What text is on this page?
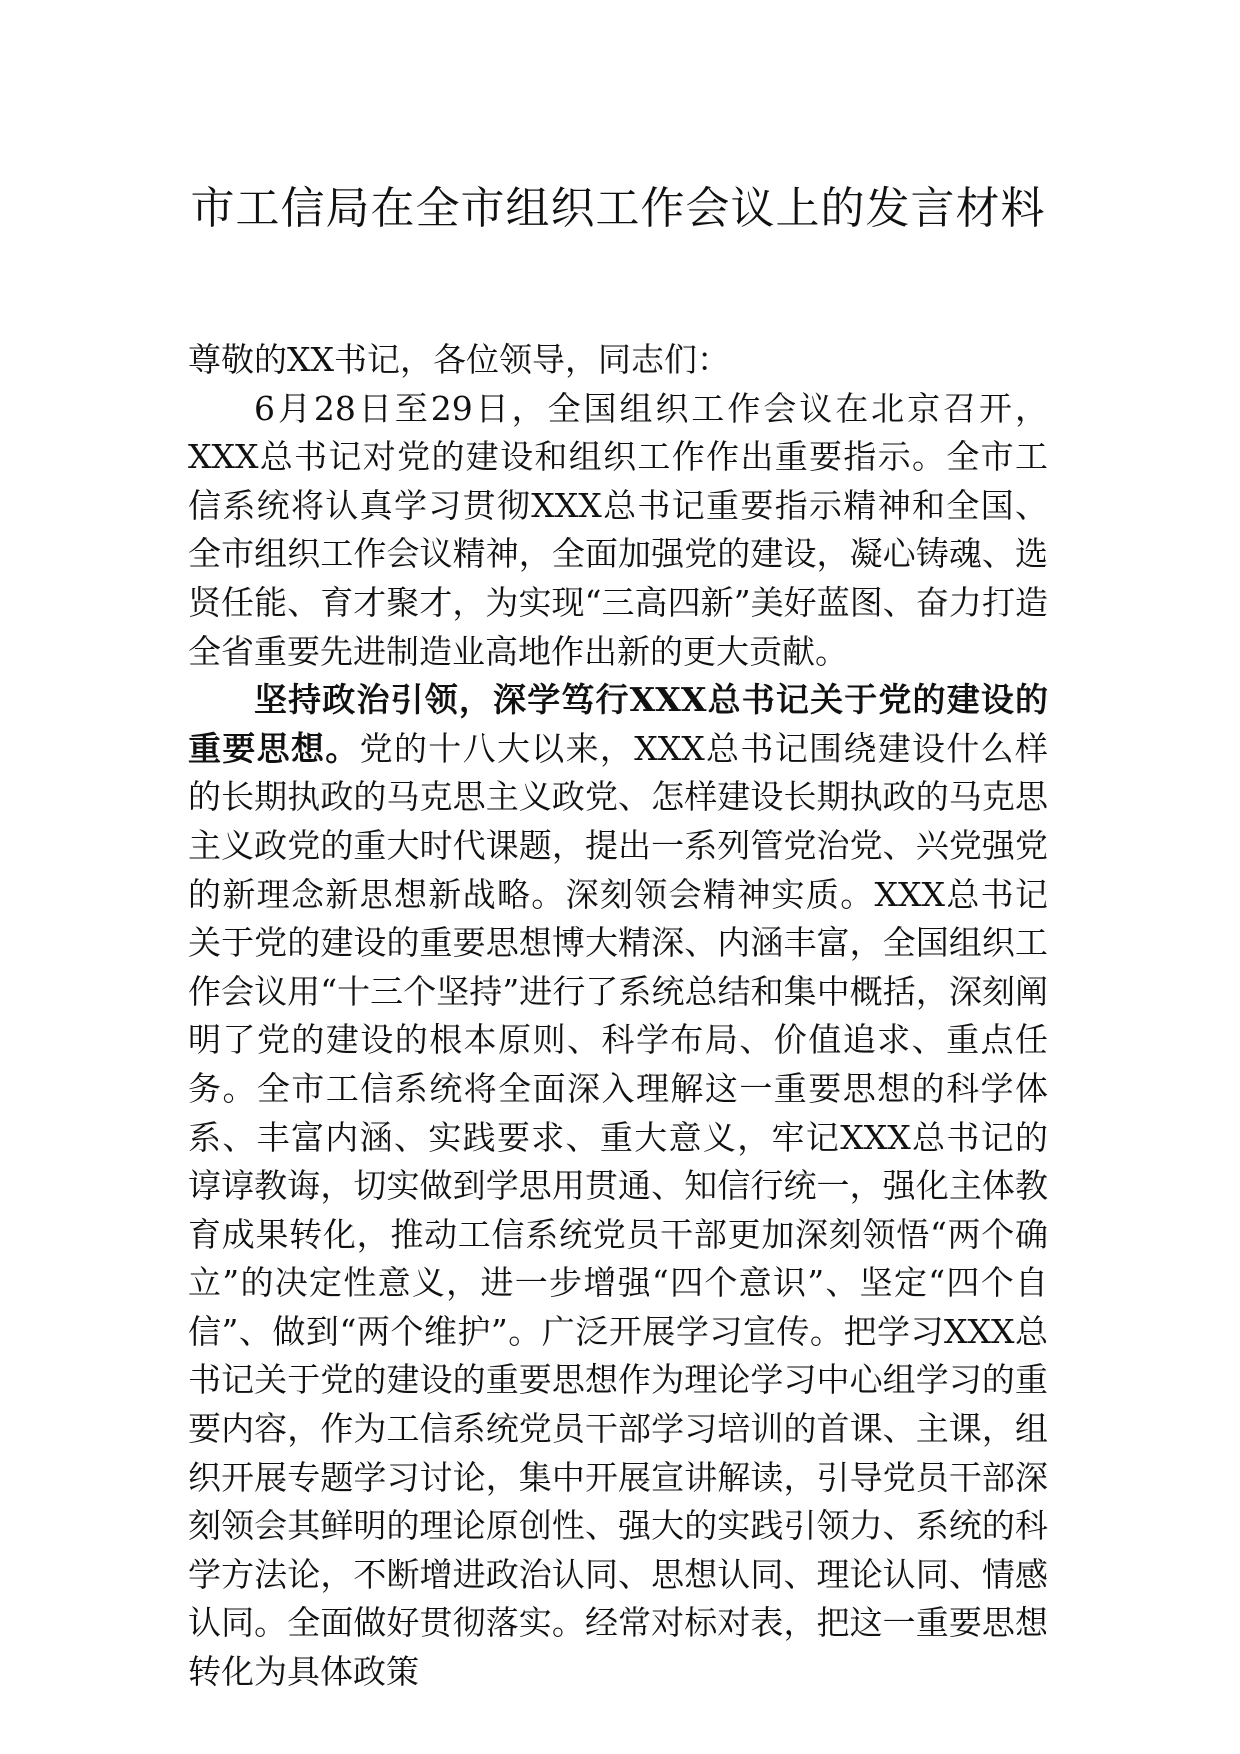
市工信局在全市组织工作会议上的发言材料

尊敬的XX书记，各位领导，同志们：

6月28日至29日，全国组织工作会议在北京召开，XXX总书记对党的建设和组织工作作出重要指示。全市工信系统将认真学习贯彻XXX总书记重要指示精神和全国、全市组织工作会议精神，全面加强党的建设，凝心铸魂、选贤任能、育才聚才，为实现“三高四新”美好蓝图、奋力打造全省重要先进制造业高地作出新的更大贡献。

坚持政治引领，深学笃行XXX总书记关于党的建设的重要思想。党的十八大以来，XXX总书记围绕建设什么样的长期执政的马克思主义政党、怎样建设长期执政的马克思主义政党的重大时代课题，提出一系列管党治党、兴党强党的新理念新思想新战略。深刻领会精神实质。XXX总书记关于党的建设的重要思想博大精深、内涵丰富，全国组织工作会议用“十三个坚持”进行了系统总结和集中概括，深刻阐明了党的建设的根本原则、科学布局、价值追求、重点任务。全市工信系统将全面深入理解这一重要思想的科学体系、丰富内涵、实践要求、重大意义，牢记XXX总书记的谆谆教诲，切实做到学思用贯通、知信行统一，强化主体教育成果转化，推动工信系统党员干部更加深刻领悟“两个确立”的决定性意义，进一步增强“四个意识”、坚定“四个自信”、做到“两个维护”。广泛开展学习宣传。把学习XXX总书记关于党的建设的重要思想作为理论学习中心组学习的重要内容，作为工信系统党员干部学习培训的首课、主课，组织开展专题学习讨论，集中开展宣讲解读，引导党员干部深刻领会其鲜明的理论原创性、强大的实践引领力、系统的科学方法论，不断增进政治认同、思想认同、理论认同、情感认同。全面做好贯彻落实。经常对标对表，把这一重要思想转化为具体政策
